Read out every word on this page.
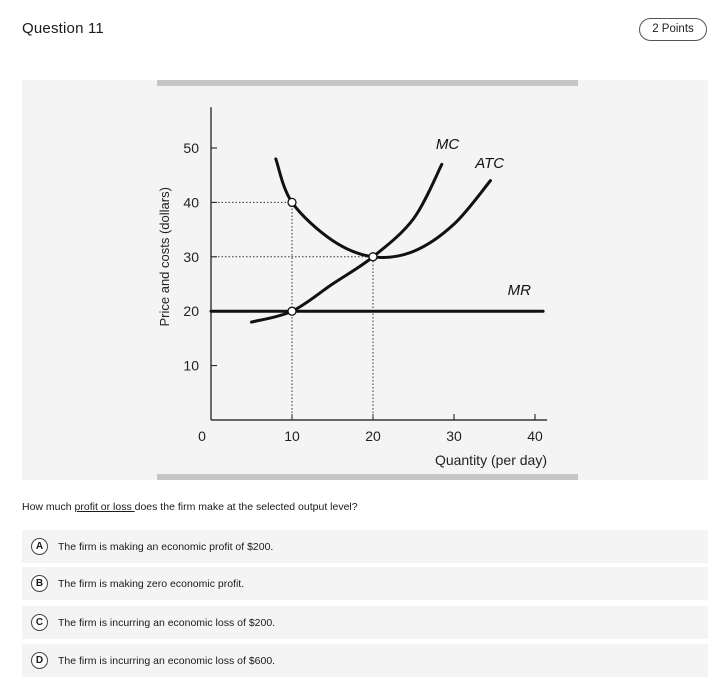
Question 11	2 Points
10
20
30
40
50
0	10	20	30	40
Quantity (per day)
Price and costs (dollars)
MC
ATC
MR
How much profit or loss does the firm make at the selected output level?
A	The firm is making an economic profit of $200.
B	The firm is making zero economic profit.
C	The firm is incurring an economic loss of $200.
D	The firm is incurring an economic loss of $600.
